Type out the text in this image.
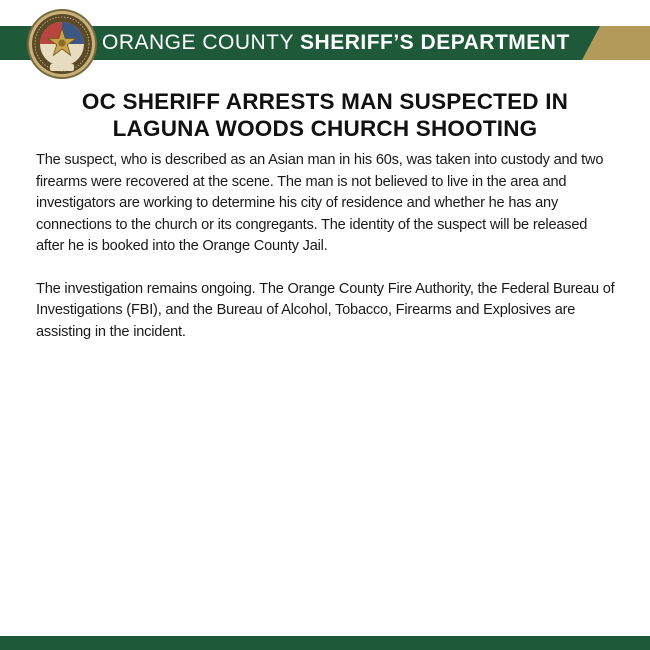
ORANGE COUNTY SHERIFF’S DEPARTMENT
OC SHERIFF ARRESTS MAN SUSPECTED IN LAGUNA WOODS CHURCH SHOOTING

The suspect, who is described as an Asian man in his 60s, was taken into custody and two firearms were recovered at the scene. The man is not believed to live in the area and investigators are working to determine his city of residence and whether he has any connections to the church or its congregants. The identity of the suspect will be released after he is booked into the Orange County Jail.

The investigation remains ongoing. The Orange County Fire Authority, the Federal Bureau of Investigations (FBI), and the Bureau of Alcohol, Tobacco, Firearms and Explosives are assisting in the incident.
